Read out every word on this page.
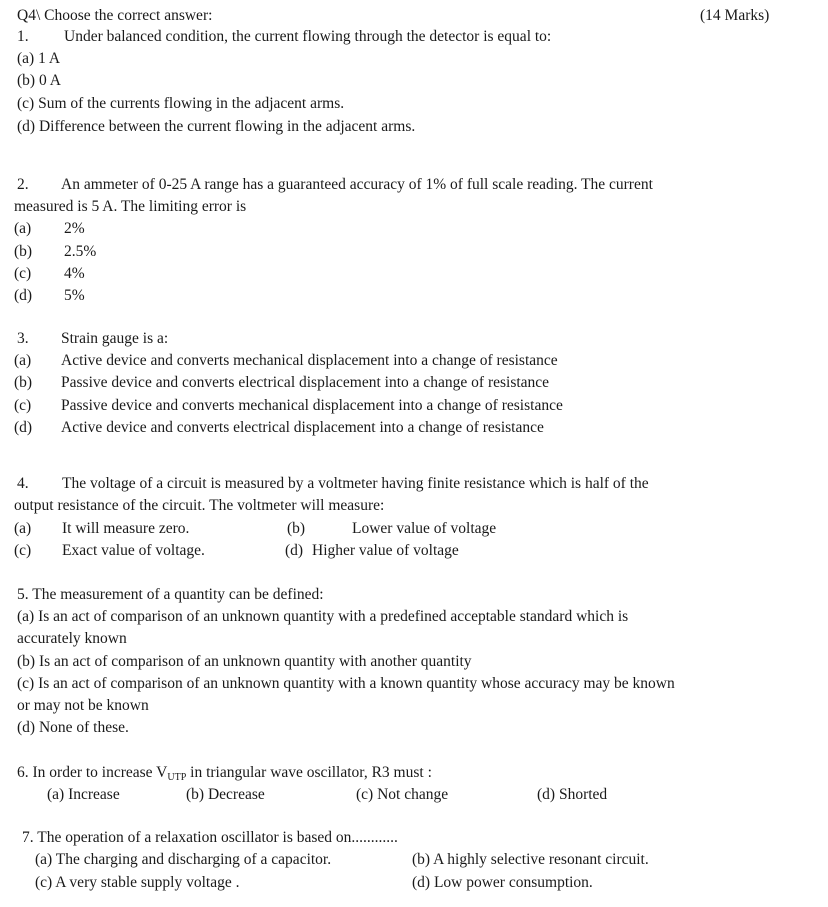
Q4\ Choose the correct answer:	(14 Marks)
1. Under balanced condition, the current flowing through the detector is equal to:
(a) 1 A
(b) 0 A
(c) Sum of the currents flowing in the adjacent arms.
(d) Difference between the current flowing in the adjacent arms.
2. An ammeter of 0-25 A range has a guaranteed accuracy of 1% of full scale reading. The current
measured is 5 A. The limiting error is
(a) 2%
(b) 2.5%
(c) 4%
(d) 5%
3. Strain gauge is a:
(a) Active device and converts mechanical displacement into a change of resistance
(b) Passive device and converts electrical displacement into a change of resistance
(c) Passive device and converts mechanical displacement into a change of resistance
(d) Active device and converts electrical displacement into a change of resistance
4. The voltage of a circuit is measured by a voltmeter having finite resistance which is half of the
output resistance of the circuit. The voltmeter will measure:
(a) It will measure zero.	(b)	Lower value of voltage
(c) Exact value of voltage.	(d) Higher value of voltage
5. The measurement of a quantity can be defined:
(a) Is an act of comparison of an unknown quantity with a predefined acceptable standard which is
accurately known
(b) Is an act of comparison of an unknown quantity with another quantity
(c) Is an act of comparison of an unknown quantity with a known quantity whose accuracy may be known
or may not be known
(d) None of these.
6. In order to increase $V_{UTP}$ in triangular wave oscillator, R3 must :
(a) Increase	(b) Decrease	(c) Not change	(d) Shorted
7. The operation of a relaxation oscillator is based on............
(a) The charging and discharging of a capacitor.	(b) A highly selective resonant circuit.
(c) A very stable supply voltage .	(d) Low power consumption.
